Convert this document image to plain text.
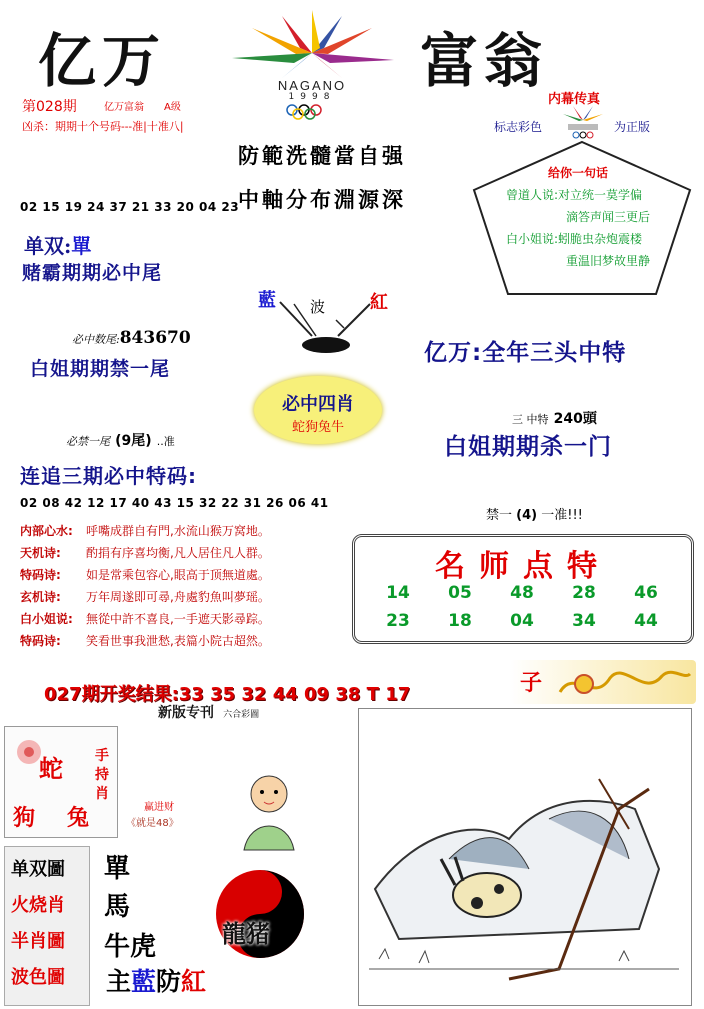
亿万	富翁
NAGANO
1998
第028期	亿万富翁 A级
凶杀：期期十个号码---准|十准八|
内幕传真
标志彩色	为正版
防範洗髓當自强
中軸分布淵源深
给你一句话
曾道人说:对立统一莫学偏
滴答声闻三更后
白小姐说:蚓脆虫杂炮震楼
重温旧梦故里静
02 15 19 24 37 21 33 20 04 23
单双:單
赌霸期期必中尾
藍 波 紅
必中数尾:843670
白姐期期禁一尾
亿万:全年三头中特
必中四肖
蛇狗兔牛
三 中特 240頭
必禁一尾 (9尾) ..准	白姐期期杀一门
连追三期必中特码:
禁一 (4) 一准!!!
02 08 42 12 17 40 43 15 32 22 31 26 06 41
内部心水: 呼嘴成群自有門,水流山猴万窝地。
天机诗: 酌捐有序喜均衡,凡人居住凡人群。
特码诗: 如是常乘包容心,眼高于顶無道處。
玄机诗: 万年周遂即可尋,舟處豹魚叫夢瑶。
白小姐说: 無從中許不喜良,一手遮天影尋踪。
特码诗: 笑看世事我泄愁,表篇小院古超然。
名师点特
14 05 48 28 46
23 18 04 34 44
027期开奖结果:33 35 32 44 09 38 T 17
新版专刊 六合彩圖
子
蛇
狗 兔
手持肖
赢进财
《就是48》
单双圖
火烧肖
半肖圖
波色圖
單
馬
牛虎	龍猪
主藍防紅
